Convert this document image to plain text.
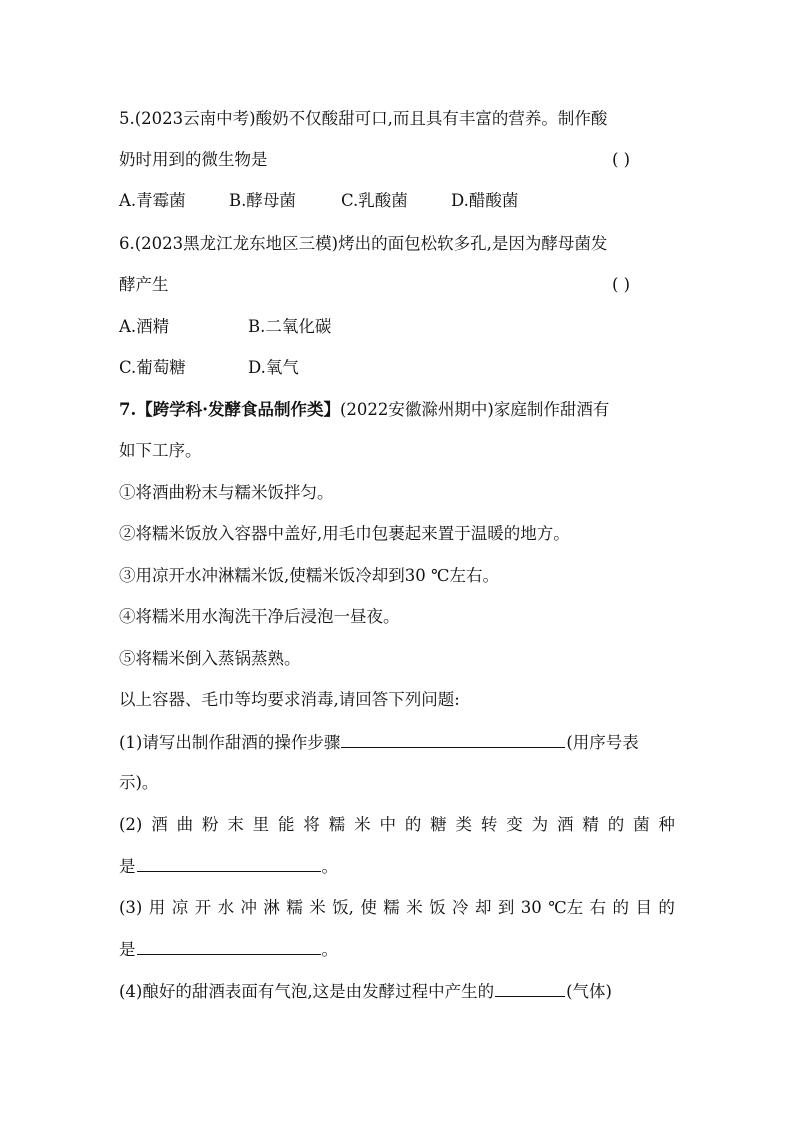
5.(2023云南中考)酸奶不仅酸甜可口,而且具有丰富的营养。制作酸
奶时用到的微生物是	( )
A.青霉菌	B.酵母菌	C.乳酸菌	D.醋酸菌
6.(2023黑龙江龙东地区三模)烤出的面包松软多孔,是因为酵母菌发
酵产生	( )
A.酒精	B.二氧化碳
C.葡萄糖	D.氧气
7.【跨学科·发酵食品制作类】(2022安徽滁州期中)家庭制作甜酒有
如下工序。
①将酒曲粉末与糯米饭拌匀。
②将糯米饭放入容器中盖好,用毛巾包裹起来置于温暖的地方。
③用凉开水冲淋糯米饭,使糯米饭冷却到30 ℃左右。
④将糯米用水淘洗干净后浸泡一昼夜。
⑤将糯米倒入蒸锅蒸熟。
以上容器、毛巾等均要求消毒,请回答下列问题:
(1)请写出制作甜酒的操作步骤	(用序号表
示)。
(2) 酒 曲 粉 末 里 能 将 糯 米 中 的 糖 类 转 变 为 酒 精 的 菌 种
是	。
(3) 用 凉 开 水 冲 淋 糯 米 饭, 使 糯 米 饭 冷 却 到 30 ℃左 右 的 目 的
是	。
(4)酿好的甜酒表面有气泡,这是由发酵过程中产生的	(气体)
